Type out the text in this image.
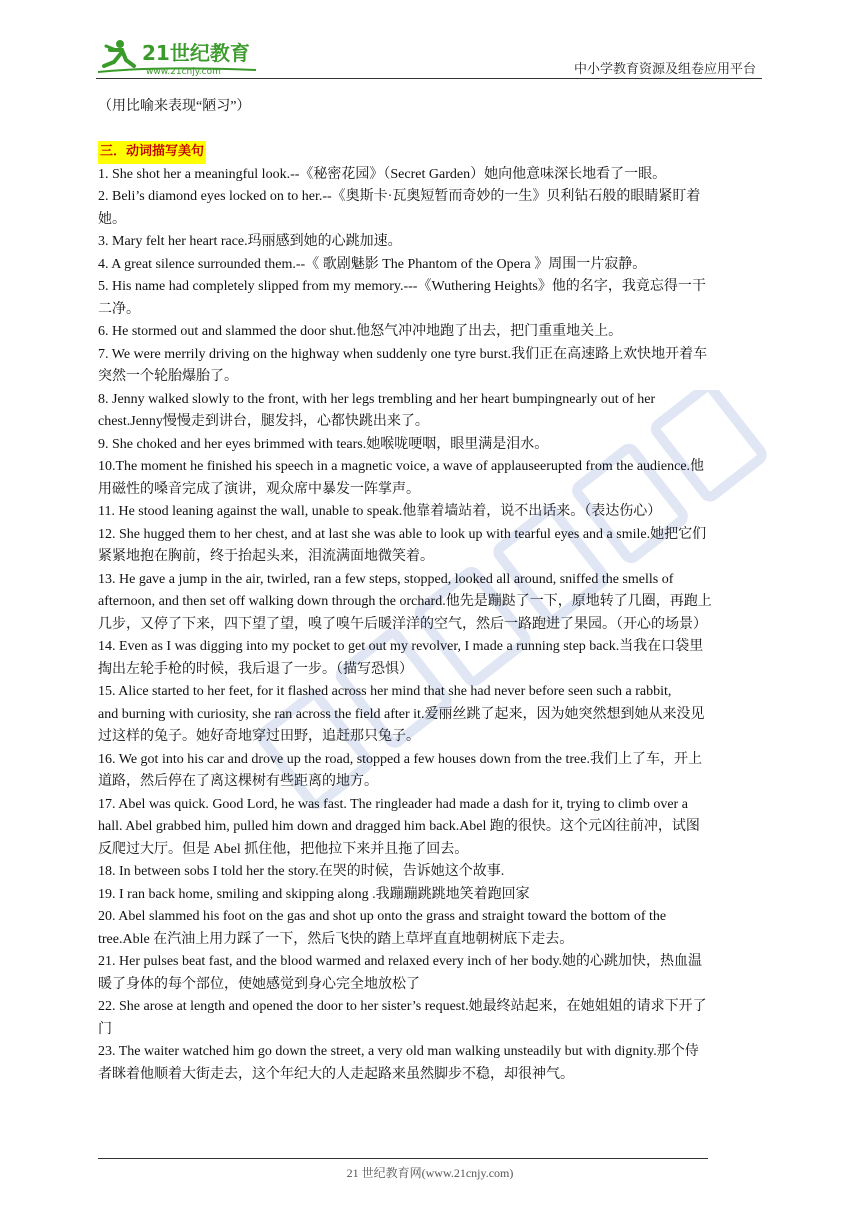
21世纪教育
www.21cnjy.com	中小学教育资源及组卷应用平台
（用比喻来表现“陋习”）
三．动词描写美句
1. She shot her a meaningful look.--《秘密花园》（Secret Garden）她向他意味深长地看了一眼。
2. Beli’s diamond eyes locked on to her.--《奥斯卡·瓦奥短暂而奇妙的一生》贝利钻石般的眼睛紧盯着
她。
3. Mary felt her heart race.玛丽感到她的心跳加速。
4. A great silence surrounded them.--《 歌剧魅影 The Phantom of the Opera 》周围一片寂静。
5. His name had completely slipped from my memory.---《Wuthering Heights》他的名字，我竟忘得一干
二净。
6. He stormed out and slammed the door shut.他怒气冲冲地跑了出去，把门重重地关上。
7. We were merrily driving on the highway when suddenly one tyre burst.我们正在高速路上欢快地开着车
突然一个轮胎爆胎了。
8. Jenny walked slowly to the front, with her legs trembling and her heart bumpingnearly out of her
chest.Jenny慢慢走到讲台，腿发抖，心都快跳出来了。
9. She choked and her eyes brimmed with tears.她喉咙哽咽，眼里满是泪水。
10.The moment he finished his speech in a magnetic voice, a wave of applauseerupted from the audience.他
用磁性的嗓音完成了演讲，观众席中暴发一阵掌声。
11. He stood leaning against the wall, unable to speak.他靠着墙站着，说不出话来。（表达伤心）
12. She hugged them to her chest, and at last she was able to look up with tearful eyes and a smile.她把它们
紧紧地抱在胸前，终于抬起头来，泪流满面地微笑着。
13. He gave a jump in the air, twirled, ran a few steps, stopped, looked all around, sniffed the smells of
afternoon, and then set off walking down through the orchard.他先是蹦跶了一下，原地转了几圈，再跑上
几步，又停了下来，四下望了望，嗅了嗅午后暖洋洋的空气，然后一路跑进了果园。（开心的场景）
14. Even as I was digging into my pocket to get out my revolver, I made a running step back.当我在口袋里
掏出左轮手枪的时候，我后退了一步。（描写恐惧）
15. Alice started to her feet, for it flashed across her mind that she had never before seen such a rabbit,
and burning with curiosity, she ran across the field after it.爱丽丝跳了起来，因为她突然想到她从来没见
过这样的兔子。她好奇地穿过田野，追赶那只兔子。
16. We got into his car and drove up the road, stopped a few houses down from the tree.我们上了车，开上
道路，然后停在了离这棵树有些距离的地方。
17. Abel was quick. Good Lord, he was fast. The ringleader had made a dash for it, trying to climb over a
hall. Abel grabbed him, pulled him down and dragged him back.Abel 跑的很快。这个元凶往前冲，试图
反爬过大厅。但是 Abel 抓住他，把他拉下来并且拖了回去。
18. In between sobs I told her the story.在哭的时候，告诉她这个故事.
19. I ran back home, smiling and skipping along .我蹦蹦跳跳地笑着跑回家
20. Abel slammed his foot on the gas and shot up onto the grass and straight toward the bottom of the
tree.Able 在汽油上用力踩了一下，然后飞快的踏上草坪直直地朝树底下走去。
21. Her pulses beat fast, and the blood warmed and relaxed every inch of her body.她的心跳加快，热血温
暖了身体的每个部位，使她感觉到身心完全地放松了
22. She arose at length and opened the door to her sister’s request.她最终站起来，在她姐姐的请求下开了
门
23. The waiter watched him go down the street, a very old man walking unsteadily but with dignity.那个侍
者眯着他顺着大街走去，这个年纪大的人走起路来虽然脚步不稳，却很神气。
21 世纪教育网(www.21cnjy.com)
